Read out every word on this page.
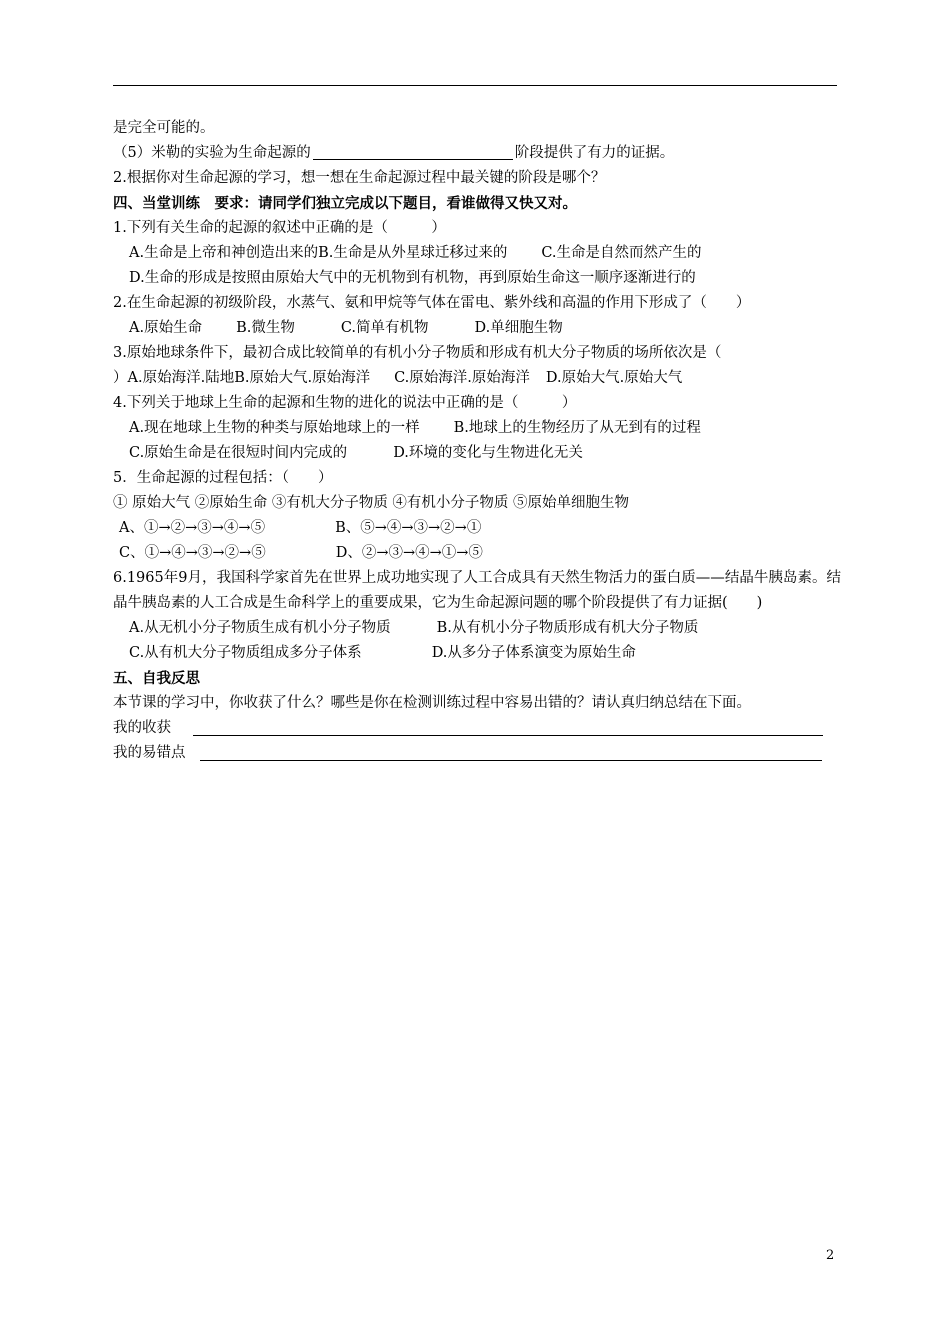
是完全可能的。
（5）米勒的实验为生命起源的	阶段提供了有力的证据。
2.根据你对生命起源的学习，想一想在生命起源过程中最关键的阶段是哪个？
四、当堂训练　要求：请同学们独立完成以下题目，看谁做得又快又对。
1.下列有关生命的起源的叙述中正确的是（　　　）
A.生命是上帝和神创造出来的B.生命是从外星球迁移过来的 C.生命是自然而然产生的
D.生命的形成是按照由原始大气中的无机物到有机物，再到原始生命这一顺序逐渐进行的
2.在生命起源的初级阶段，水蒸气、氨和甲烷等气体在雷电、紫外线和高温的作用下形成了（　　）
A.原始生命 B.微生物	C.简单有机物	D.单细胞生物
3.原始地球条件下，最初合成比较简单的有机小分子物质和形成有机大分子物质的场所依次是（
）A.原始海洋.陆地B.原始大气.原始海洋 C.原始海洋.原始海洋 D.原始大气.原始大气
4.下列关于地球上生命的起源和生物的进化的说法中正确的是（　　　）
A.现在地球上生物的种类与原始地球上的一样 B.地球上的生物经历了从无到有的过程
C.原始生命是在很短时间内完成的	D.环境的变化与生物进化无关
5．生命起源的过程包括：（　　）
① 原始大气 ②原始生命 ③有机大分子物质 ④有机小分子物质 ⑤原始单细胞生物
A、①→②→③→④→⑤	B、⑤→④→③→②→①
C、①→④→③→②→⑤	D、②→③→④→①→⑤
6.1965年9月，我国科学家首先在世界上成功地实现了人工合成具有天然生物活力的蛋白质——结晶牛胰岛素。结晶牛胰岛素的人工合成是生命科学上的重要成果，它为生命起源问题的哪个阶段提供了有力证据(　　)
A.从无机小分子物质生成有机小分子物质	B.从有机小分子物质形成有机大分子物质
C.从有机大分子物质组成多分子体系	D.从多分子体系演变为原始生命
五、自我反思
本节课的学习中，你收获了什么？哪些是你在检测训练过程中容易出错的？请认真归纳总结在下面。
我的收获
我的易错点
2
